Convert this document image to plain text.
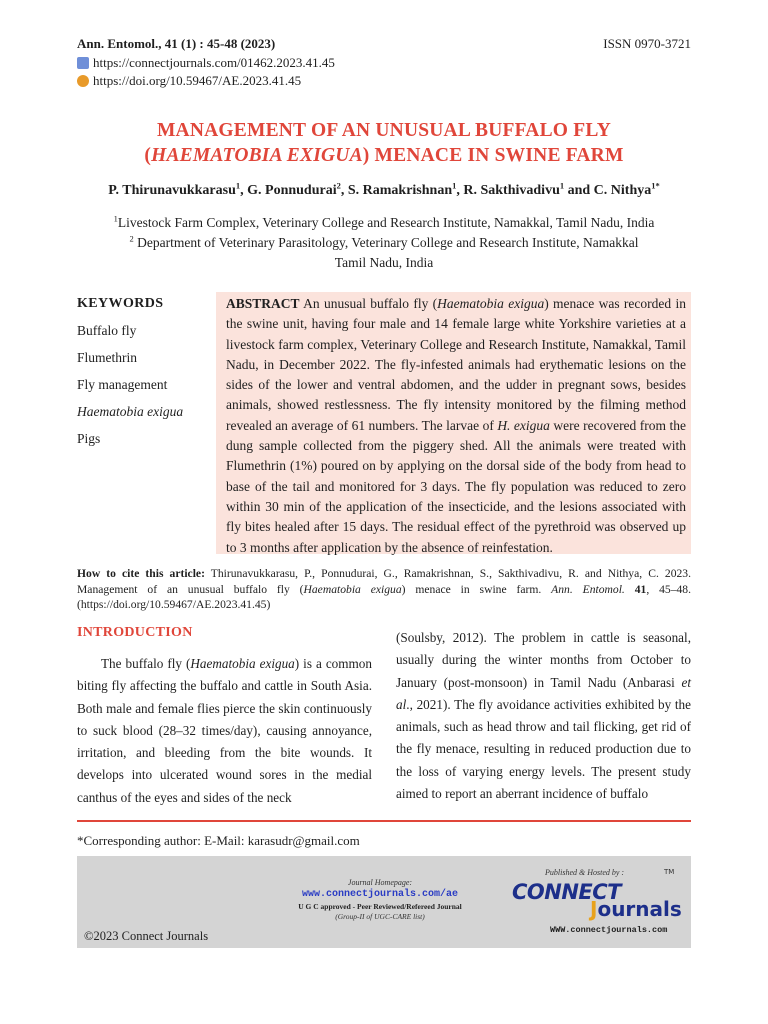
Ann. Entomol., 41 (1) : 45-48 (2023)	ISSN 0970-3721
https://connectjournals.com/01462.2023.41.45
https://doi.org/10.59467/AE.2023.41.45
MANAGEMENT OF AN UNUSUAL BUFFALO FLY
(HAEMATOBIA EXIGUA) MENACE IN SWINE FARM
P. Thirunavukkarasu$^1$, G. Ponnudurai$^2$, S. Ramakrishnan$^1$, R. Sakthivadivu$^1$ and C. Nithya$^{1*}$
$^1$Livestock Farm Complex, Veterinary College and Research Institute, Namakkal, Tamil Nadu, India
$^2$ Department of Veterinary Parasitology, Veterinary College and Research Institute, Namakkal
Tamil Nadu, India
KEYWORDS
Buffalo fly
Flumethrin
Fly management
Haematobia exigua
Pigs
ABSTRACT An unusual buffalo fly (Haematobia exigua) menace was recorded in the swine unit, having four male and 14 female large white Yorkshire varieties at a livestock farm complex, Veterinary College and Research Institute, Namakkal, Tamil Nadu, in December 2022. The fly-infested animals had erythematic lesions on the sides of the lower and ventral abdomen, and the udder in pregnant sows, besides animals, showed restlessness. The fly intensity monitored by the filming method revealed an average of 61 numbers. The larvae of H. exigua were recovered from the dung sample collected from the piggery shed. All the animals were treated with Flumethrin (1%) poured on by applying on the dorsal side of the body from head to base of the tail and monitored for 3 days. The fly population was reduced to zero within 30 min of the application of the insecticide, and the lesions associated with fly bites healed after 15 days. The residual effect of the pyrethroid was observed up to 3 months after application by the absence of reinfestation.
How to cite this article: Thirunavukkarasu, P., Ponnudurai, G., Ramakrishnan, S., Sakthivadivu, R. and Nithya, C. 2023. Management of an unusual buffalo fly (Haematobia exigua) menace in swine farm. Ann. Entomol. 41, 45–48. (https://doi.org/10.59467/AE.2023.41.45)
INTRODUCTION
The buffalo fly (Haematobia exigua) is a common biting fly affecting the buffalo and cattle in South Asia. Both male and female flies pierce the skin continuously to suck blood (28–32 times/day), causing annoyance, irritation, and bleeding from the bite wounds. It develops into ulcerated wound sores in the medial canthus of the eyes and sides of the neck
(Soulsby, 2012). The problem in cattle is seasonal, usually during the winter months from October to January (post-monsoon) in Tamil Nadu (Anbarasi et al., 2021). The fly avoidance activities exhibited by the animals, such as head throw and tail flicking, get rid of the fly menace, resulting in reduced production due to the loss of varying energy levels. The present study aimed to report an aberrant incidence of buffalo
*Corresponding author: E-Mail: karasudr@gmail.com
Journal Homepage:
www.connectjournals.com/ae
U G C approved - Peer Reviewed/Refereed Journal
(Group-II of UGC-CARE list)
©2023 Connect Journals
Published & Hosted by :
CONNECT
Journals
TM
WWW.connectjournals.com
